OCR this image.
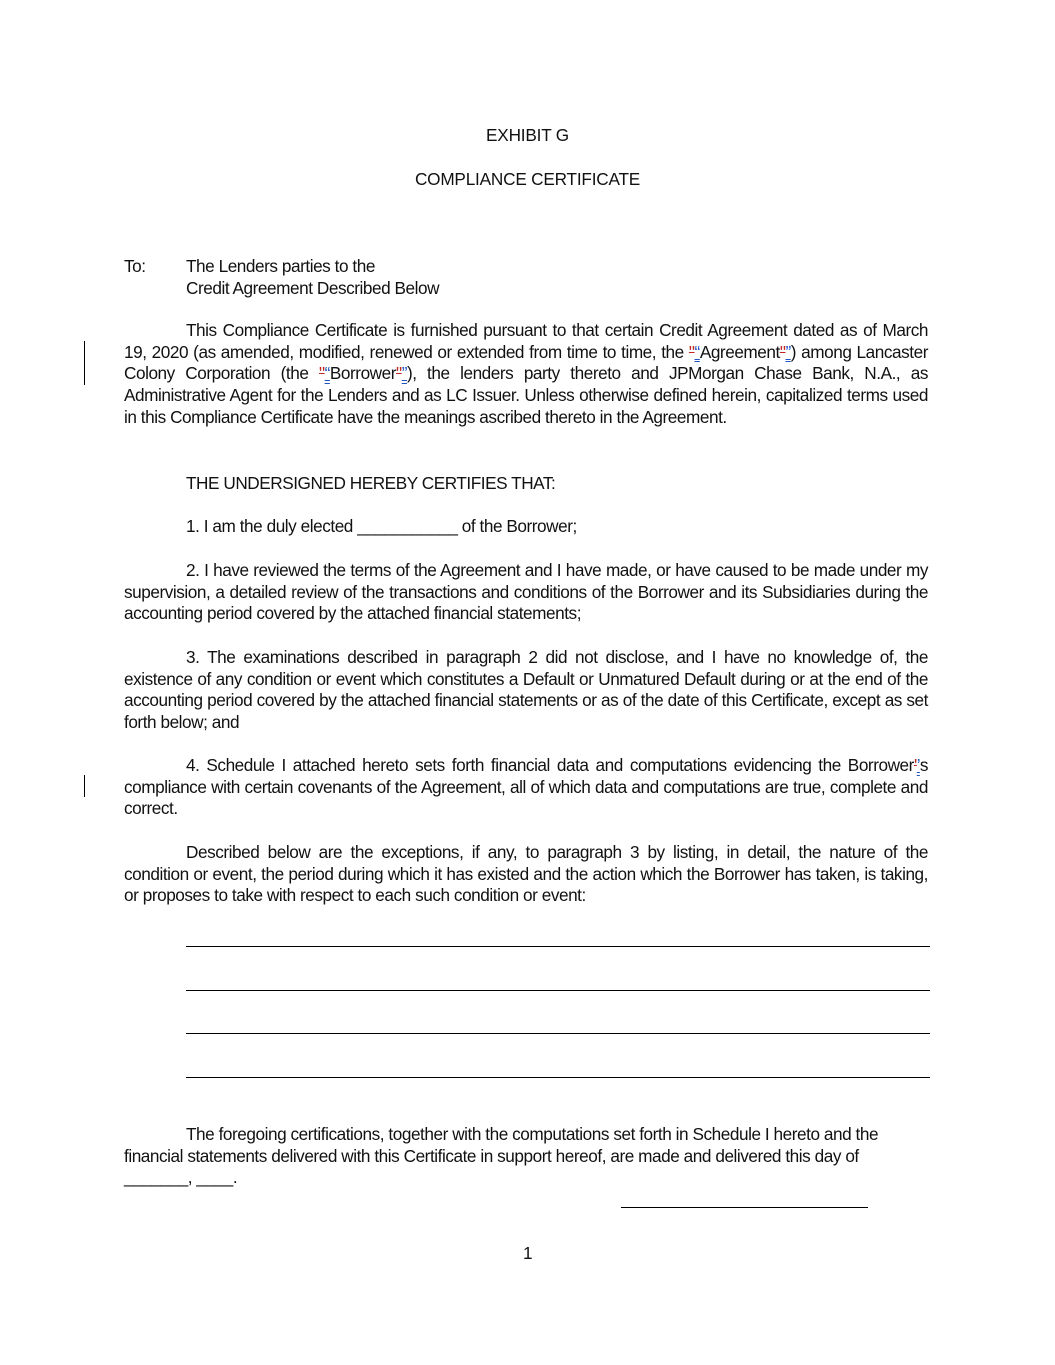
EXHIBIT G
COMPLIANCE CERTIFICATE
To: The Lenders parties to the
Credit Agreement Described Below
This Compliance Certificate is furnished pursuant to that certain Credit Agreement dated as of March 19, 2020 (as amended, modified, renewed or extended from time to time, the "“Agreement"”) among Lancaster Colony Corporation (the "“Borrower"”), the lenders party thereto and JPMorgan Chase Bank, N.A., as Administrative Agent for the Lenders and as LC Issuer. Unless otherwise defined herein, capitalized terms used in this Compliance Certificate have the meanings ascribed thereto in the Agreement.
THE UNDERSIGNED HEREBY CERTIFIES THAT:
1. I am the duly elected ___________ of the Borrower;
2. I have reviewed the terms of the Agreement and I have made, or have caused to be made under my supervision, a detailed review of the transactions and conditions of the Borrower and its Subsidiaries during the accounting period covered by the attached financial statements;
3. The examinations described in paragraph 2 did not disclose, and I have no knowledge of, the existence of any condition or event which constitutes a Default or Unmatured Default during or at the end of the accounting period covered by the attached financial statements or as of the date of this Certificate, except as set forth below; and
4. Schedule I attached hereto sets forth financial data and computations evidencing the Borrower'’s compliance with certain covenants of the Agreement, all of which data and computations are true, complete and correct.
Described below are the exceptions, if any, to paragraph 3 by listing, in detail, the nature of the condition or event, the period during which it has existed and the action which the Borrower has taken, is taking, or proposes to take with respect to each such condition or event:
The foregoing certifications, together with the computations set forth in Schedule I hereto and the financial statements delivered with this Certificate in support hereof, are made and delivered this day of _______, ____.
1
